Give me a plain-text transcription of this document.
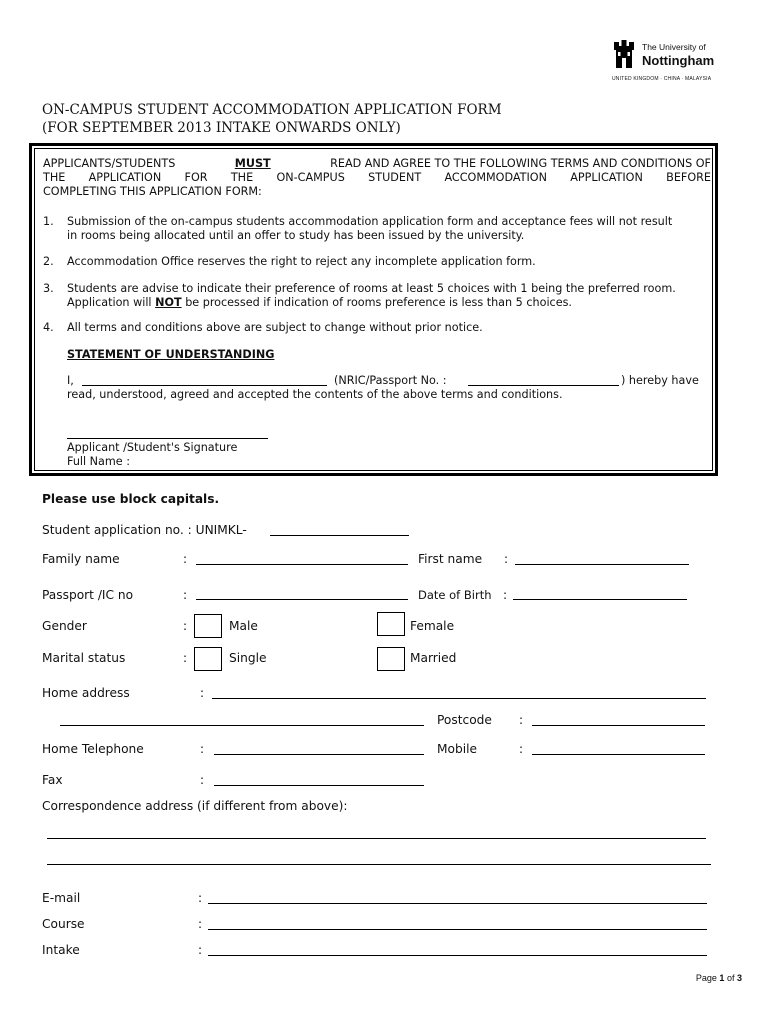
The University of
Nottingham
UNITED KINGDOM · CHINA · MALAYSIA
ON-CAMPUS STUDENT ACCOMMODATION APPLICATION FORM
(FOR SEPTEMBER 2013 INTAKE ONWARDS ONLY)
APPLICANTS/STUDENTS	MUST	READ AND AGREE TO THE FOLLOWING TERMS AND CONDITIONS OF
THE APPLICATION FOR THE ON-CAMPUS STUDENT ACCOMMODATION APPLICATION BEFORE
COMPLETING THIS APPLICATION FORM:
1. Submission of the on-campus students accommodation application form and acceptance fees will not result
in rooms being allocated until an offer to study has been issued by the university.
2. Accommodation Office reserves the right to reject any incomplete application form.
3. Students are advise to indicate their preference of rooms at least 5 choices with 1 being the preferred room.
Application will NOT be processed if indication of rooms preference is less than 5 choices.
4. All terms and conditions above are subject to change without prior notice.
STATEMENT OF UNDERSTANDING
I,	(NRIC/Passport No. :	) hereby have
read, understood, agreed and accepted the contents of the above terms and conditions.
Applicant /Student's Signature
Full Name :
Please use block capitals.
Student application no. : UNIMKL-
Family name	:	First name :
Passport /IC no	:	Date of Birth :
Gender	:	Male	Female
Marital status	:	Single	Married
Home address	:
Postcode :
Home Telephone	:	Mobile	:
Fax	:
Correspondence address (if different from above):
E-mail	:
Course	:
Intake	:
Page 1 of 3
